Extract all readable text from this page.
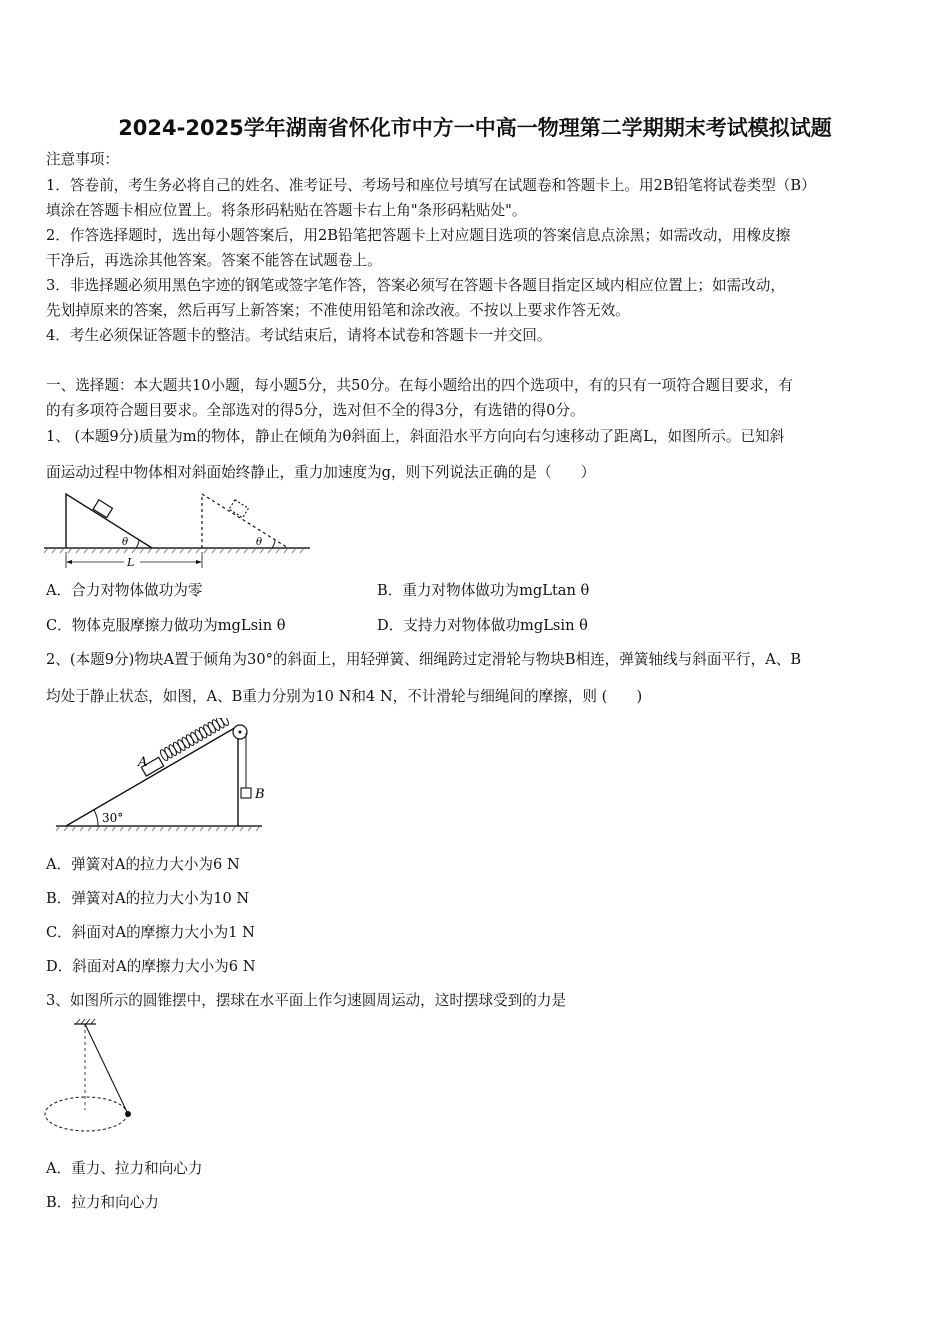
2024-2025学年湖南省怀化市中方一中高一物理第二学期期末考试模拟试题
注意事项：
1．答卷前，考生务必将自己的姓名、准考证号、考场号和座位号填写在试题卷和答题卡上。用2B铅笔将试卷类型（B）
填涂在答题卡相应位置上。将条形码粘贴在答题卡右上角"条形码粘贴处"。
2．作答选择题时，选出每小题答案后，用2B铅笔把答题卡上对应题目选项的答案信息点涂黑；如需改动，用橡皮擦
干净后，再选涂其他答案。答案不能答在试题卷上。
3．非选择题必须用黑色字迹的钢笔或签字笔作答，答案必须写在答题卡各题目指定区域内相应位置上；如需改动，
先划掉原来的答案，然后再写上新答案；不准使用铅笔和涂改液。不按以上要求作答无效。
4．考生必须保证答题卡的整洁。考试结束后，请将本试卷和答题卡一并交回。
一、选择题：本大题共10小题，每小题5分，共50分。在每小题给出的四个选项中，有的只有一项符合题目要求，有
的有多项符合题目要求。全部选对的得5分，选对但不全的得3分，有选错的得0分。
1、 (本题9分)质量为m的物体，静止在倾角为θ斜面上，斜面沿水平方向向右匀速移动了距离L，如图所示。已知斜
面运动过程中物体相对斜面始终静止，重力加速度为g，则下列说法正确的是（　　）
θ	θ
L
A．合力对物体做功为零	B．重力对物体做功为mgLtan θ
C．物体克服摩擦力做功为mgLsin θ	D．支持力对物体做功mgLsin θ
2、(本题9分)物块A置于倾角为30°的斜面上，用轻弹簧、细绳跨过定滑轮与物块B相连，弹簧轴线与斜面平行，A、B
均处于静止状态，如图，A、B重力分别为10 N和4 N，不计滑轮与细绳间的摩擦，则 (　　)
30°
A
B
A．弹簧对A的拉力大小为6 N
B．弹簧对A的拉力大小为10 N
C．斜面对A的摩擦力大小为1 N
D．斜面对A的摩擦力大小为6 N
3、如图所示的圆锥摆中，摆球在水平面上作匀速圆周运动，这时摆球受到的力是
A．重力、拉力和向心力
B．拉力和向心力
